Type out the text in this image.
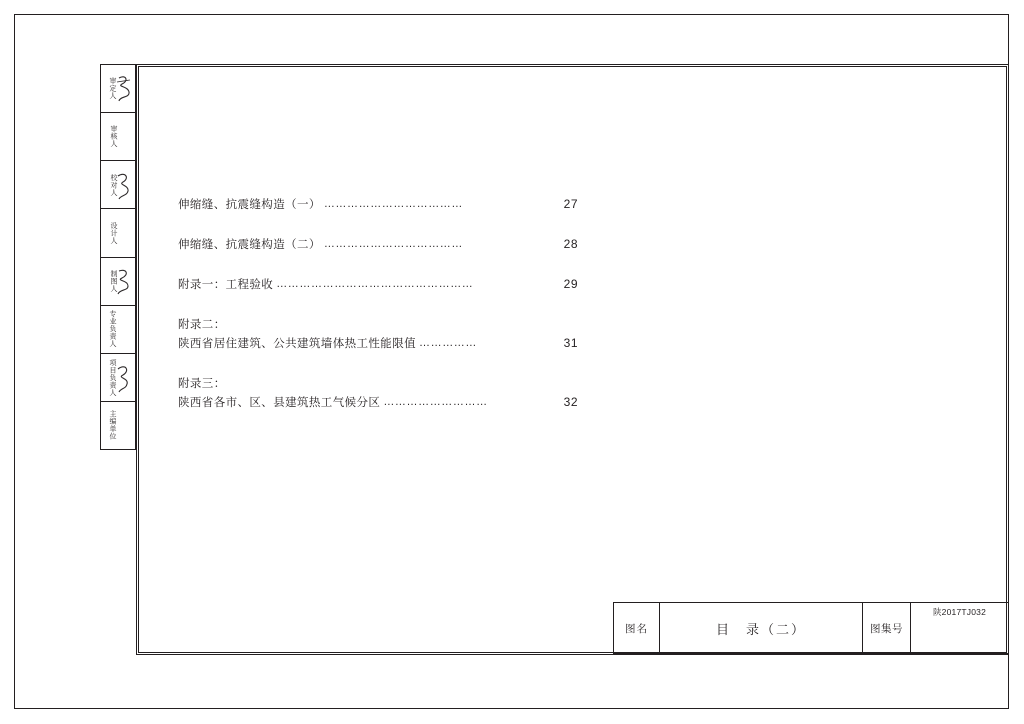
审定人
审核人
校对人
设计人
制图人
专业负责人
项目负责人
主编单位
伸缩缝、抗震缝构造（一） ………………………………	27
伸缩缝、抗震缝构造（二） ………………………………	28
附录一：工程验收 ……………………………………………	29
附录二：
陕西省居住建筑、公共建筑墙体热工性能限值 ……………	31
附录三：
陕西省各市、区、县建筑热工气候分区 ………………………	32
图名	目　录（二）	图集号
陕2017TJ032
